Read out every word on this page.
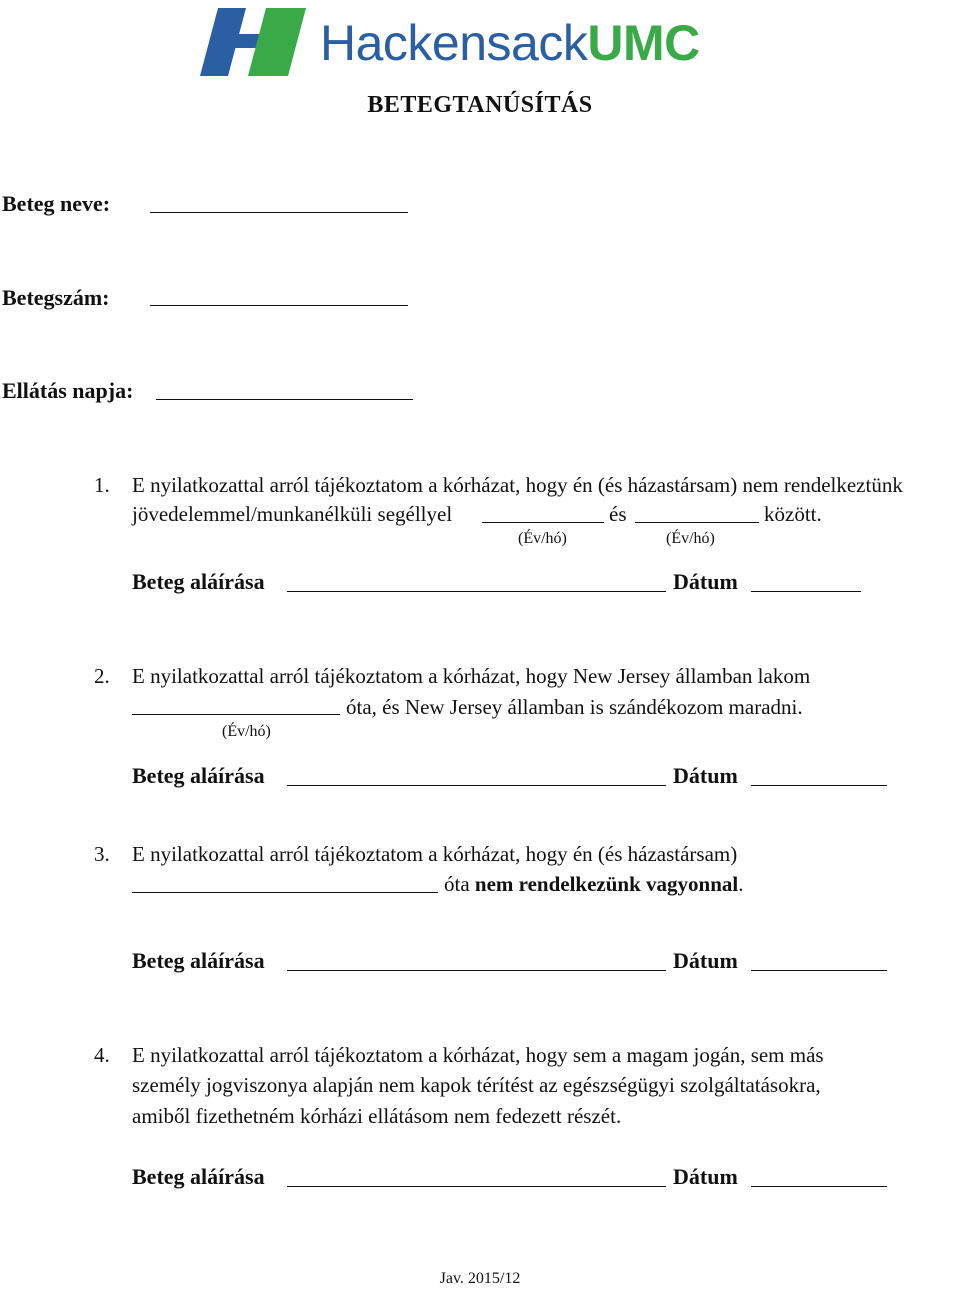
HackensackUMC
BETEGTANÚSÍTÁS
Beteg neve:
Betegszám:
Ellátás napja:
1. E nyilatkozattal arról tájékoztatom a kórházat, hogy én (és házastársam) nem rendelkeztünk
jövedelemmel/munkanélküli segéllyel	és	között.
(Év/hó)	(Év/hó)
Beteg aláírása	Dátum
2. E nyilatkozattal arról tájékoztatom a kórházat, hogy New Jersey államban lakom
óta, és New Jersey államban is szándékozom maradni.
(Év/hó)
Beteg aláírása	Dátum
3. E nyilatkozattal arról tájékoztatom a kórházat, hogy én (és házastársam)
óta nem rendelkezünk vagyonnal.
Beteg aláírása	Dátum
4. E nyilatkozattal arról tájékoztatom a kórházat, hogy sem a magam jogán, sem más
személy jogviszonya alapján nem kapok térítést az egészségügyi szolgáltatásokra,
amiből fizethetném kórházi ellátásom nem fedezett részét.
Beteg aláírása	Dátum
Jav. 2015/12
